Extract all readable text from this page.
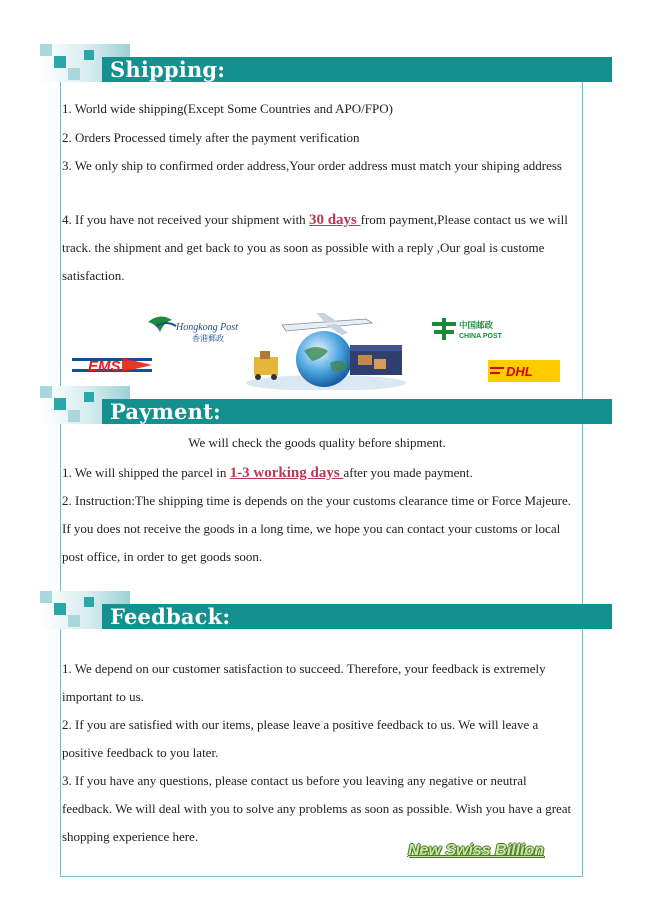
Shipping:
1. World wide shipping(Except Some Countries and APO/FPO)
2. Orders Processed timely after the payment verification
3. We only ship to confirmed order address,Your order address must match your shiping address
4. If you have not received your shipment with 30 days from payment,Please contact us we will track. the shipment and get back to you as soon as possible with a reply ,Our goal is custome satisfaction.
Hongkong Post
香港郵政
中国邮政
CHINA POST
EMS	DHL
Payment:
We will check the goods quality before shipment.
1. We will shipped the parcel in 1-3 working days after you made payment.
2. Instruction:The shipping time is depends on the your customs clearance time or Force Majeure. If you does not receive the goods in a long time, we hope you can contact your customs or local post office, in order to get goods soon.
Feedback:
1. We depend on our customer satisfaction to succeed. Therefore, your feedback is extremely important to us.
2. If you are satisfied with our items, please leave a positive feedback to us. We will leave a positive feedback to you later.
3. If you have any questions, please contact us before you leaving any negative or neutral feedback. We will deal with you to solve any problems as soon as possible. Wish you have a great shopping experience here.
New Swiss Billion
